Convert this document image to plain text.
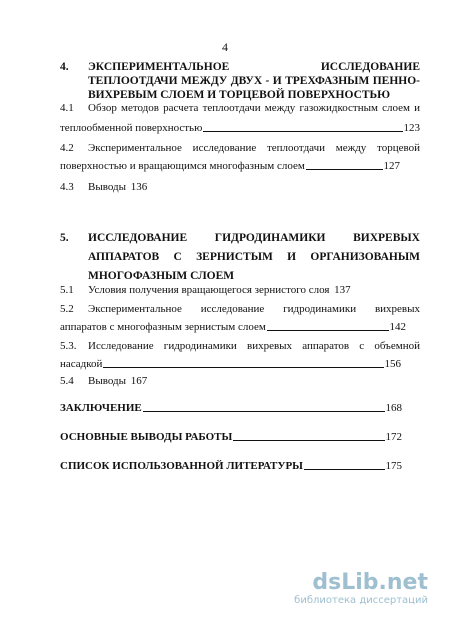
4
4. ЭКСПЕРИМЕНТАЛЬНОЕ ИССЛЕДОВАНИЕ ТЕПЛООТДАЧИ МЕЖДУ ДВУХ - И ТРЕХФАЗНЫМ ПЕННО-ВИХРЕВЫМ СЛОЕМ И ТОРЦЕВОЙ ПОВЕРХНОСТЬЮ
4.1 Обзор методов расчета теплоотдачи между газожидкостным слоем и
теплообменной поверхностью	123
4.2 Экспериментальное исследование теплоотдачи между торцевой
поверхностью и вращающимся многофазным слоем	127
4.3 Выводы 136
5. ИССЛЕДОВАНИЕ ГИДРОДИНАМИКИ ВИХРЕВЫХ АППАРАТОВ С ЗЕРНИСТЫМ И ОРГАНИЗОВАНЫМ МНОГОФАЗНЫМ СЛОЕМ
5.1 Условия получения вращающегося зернистого слоя 137
5.2 Экспериментальное исследование гидродинамики вихревых
аппаратов с многофазным зернистым слоем	142
5.3. Исследование гидродинамики вихревых аппаратов с объемной
насадкой	156
5.4 Выводы 167
ЗАКЛЮЧЕНИЕ	168
ОСНОВНЫЕ ВЫВОДЫ РАБОТЫ	172
СПИСОК ИСПОЛЬЗОВАННОЙ ЛИТЕРАТУРЫ	175
dsLib.net
библиотека диссертаций
